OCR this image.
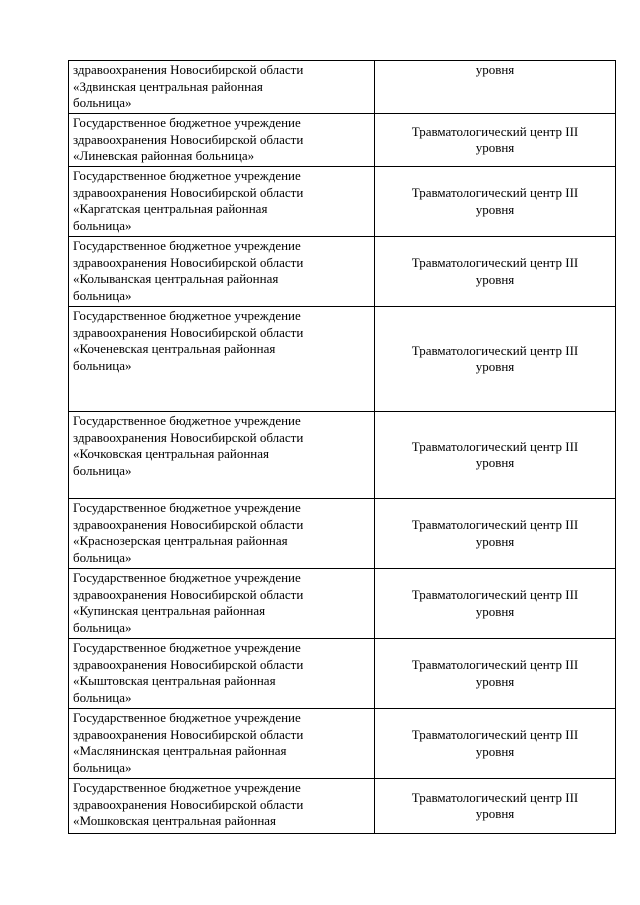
здравоохранения Новосибирской области
«Здвинская центральная районная
больница»
уровня
Государственное бюджетное учреждение
здравоохранения Новосибирской области
«Линевская районная больница»
Травматологический центр III
уровня
Государственное бюджетное учреждение
здравоохранения Новосибирской области
«Каргатская центральная районная
больница»
Травматологический центр III
уровня
Государственное бюджетное учреждение
здравоохранения Новосибирской области
«Колыванская центральная районная
больница»
Травматологический центр III
уровня
Государственное бюджетное учреждение
здравоохранения Новосибирской области
«Коченевская центральная районная
больница»
Травматологический центр III
уровня
Государственное бюджетное учреждение
здравоохранения Новосибирской области
«Кочковская центральная районная
больница»
Травматологический центр III
уровня
Государственное бюджетное учреждение
здравоохранения Новосибирской области
«Краснозерская центральная районная
больница»
Травматологический центр III
уровня
Государственное бюджетное учреждение
здравоохранения Новосибирской области
«Купинская центральная районная
больница»
Травматологический центр III
уровня
Государственное бюджетное учреждение
здравоохранения Новосибирской области
«Кыштовская центральная районная
больница»
Травматологический центр III
уровня
Государственное бюджетное учреждение
здравоохранения Новосибирской области
«Маслянинская центральная районная
больница»
Травматологический центр III
уровня
Государственное бюджетное учреждение
здравоохранения Новосибирской области
«Мошковская центральная районная
Травматологический центр III
уровня
